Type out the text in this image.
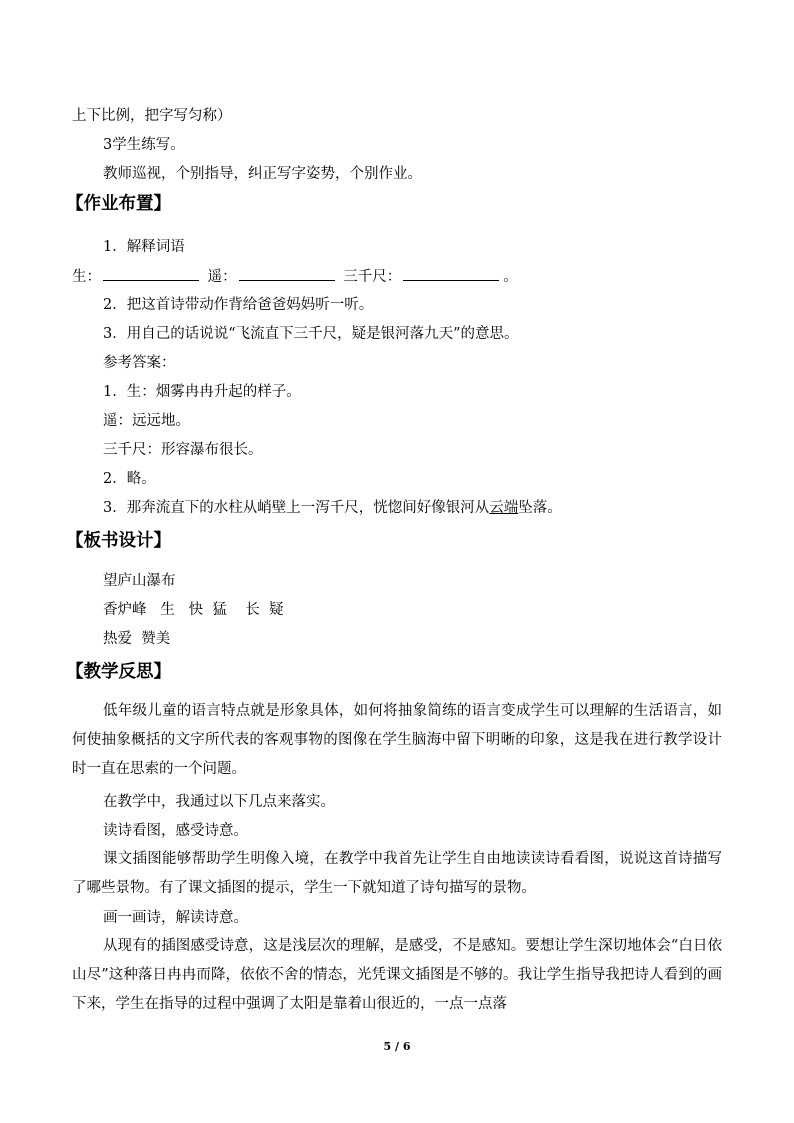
上下比例，把字写匀称）
3学生练写。
教师巡视，个别指导，纠正写字姿势，个别作业。
【作业布置】
1．解释词语
生：	遥：	三千尺：	。
2．把这首诗带动作背给爸爸妈妈听一听。
3．用自己的话说说“飞流直下三千尺，疑是银河落九天”的意思。
参考答案：
1．生：烟雾冉冉升起的样子。
遥：远远地。
三千尺：形容瀑布很长。
2．略。
3．那奔流直下的水柱从峭壁上一泻千尺，恍惚间好像银河从云端坠落。
【板书设计】
望庐山瀑布
香炉峰   生   快  猛    长  疑
热爱  赞美
【教学反思】
低年级儿童的语言特点就是形象具体，如何将抽象简练的语言变成学生可以理解的生活语言，如何使抽象概括的文字所代表的客观事物的图像在学生脑海中留下明晰的印象，这是我在进行教学设计时一直在思索的一个问题。
在教学中，我通过以下几点来落实。
读诗看图，感受诗意。
课文插图能够帮助学生明像入境，在教学中我首先让学生自由地读读诗看看图，说说这首诗描写了哪些景物。有了课文插图的提示，学生一下就知道了诗句描写的景物。
画一画诗，解读诗意。
从现有的插图感受诗意，这是浅层次的理解，是感受，不是感知。要想让学生深切地体会“白日依山尽”这种落日冉冉而降，依依不舍的情态，光凭课文插图是不够的。我让学生指导我把诗人看到的画下来，学生在指导的过程中强调了太阳是靠着山很近的，一点一点落
5 / 6
